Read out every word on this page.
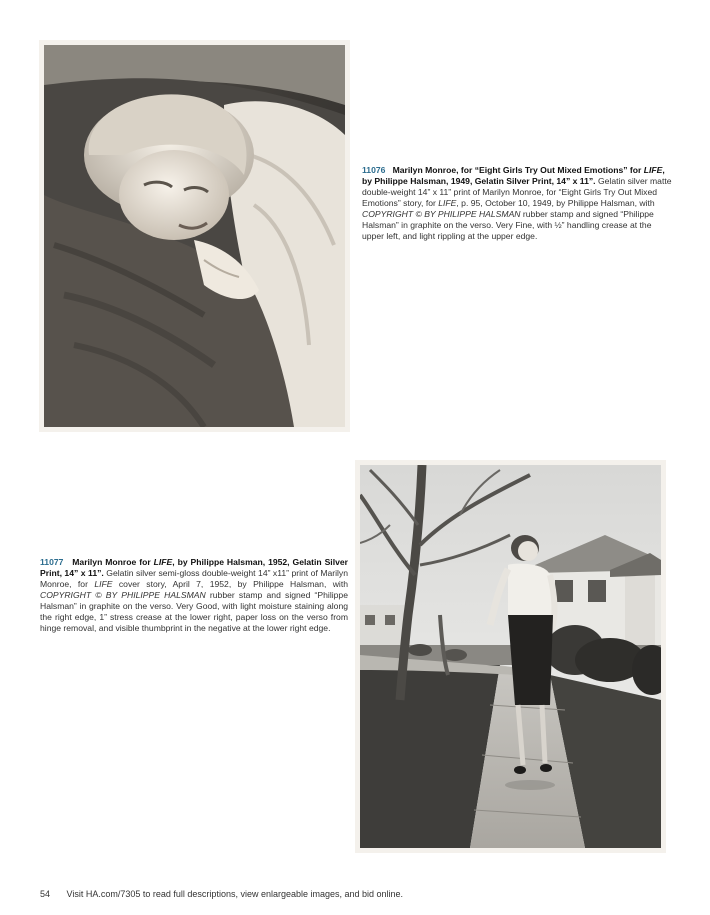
11076 Marilyn Monroe, for “Eight Girls Try Out Mixed Emotions” for LIFE, by Philippe Halsman, 1949, Gelatin Silver Print, 14” x 11”. Gelatin silver matte double-weight 14” x 11” print of Marilyn Monroe, for “Eight Girls Try Out Mixed Emotions” story, for LIFE, p. 95, October 10, 1949, by Philippe Halsman, with COPYRIGHT © BY PHILIPPE HALSMAN rubber stamp and signed “Philippe Halsman” in graphite on the verso. Very Fine, with ½” handling crease at the upper left, and light rippling at the upper edge.
11077 Marilyn Monroe for LIFE, by Philippe Halsman, 1952, Gelatin Silver Print, 14” x 11”. Gelatin silver semi-gloss double-weight 14” x11” print of Marilyn Monroe, for LIFE cover story, April 7, 1952, by Philippe Halsman, with COPYRIGHT © BY PHILIPPE HALSMAN rubber stamp and signed “Philippe Halsman” in graphite on the verso. Very Good, with light moisture staining along the right edge, 1” stress crease at the lower right, paper loss on the verso from hinge removal, and visible thumbprint in the negative at the lower right edge.
54 Visit HA.com/7305 to read full descriptions, view enlargeable images, and bid online.
